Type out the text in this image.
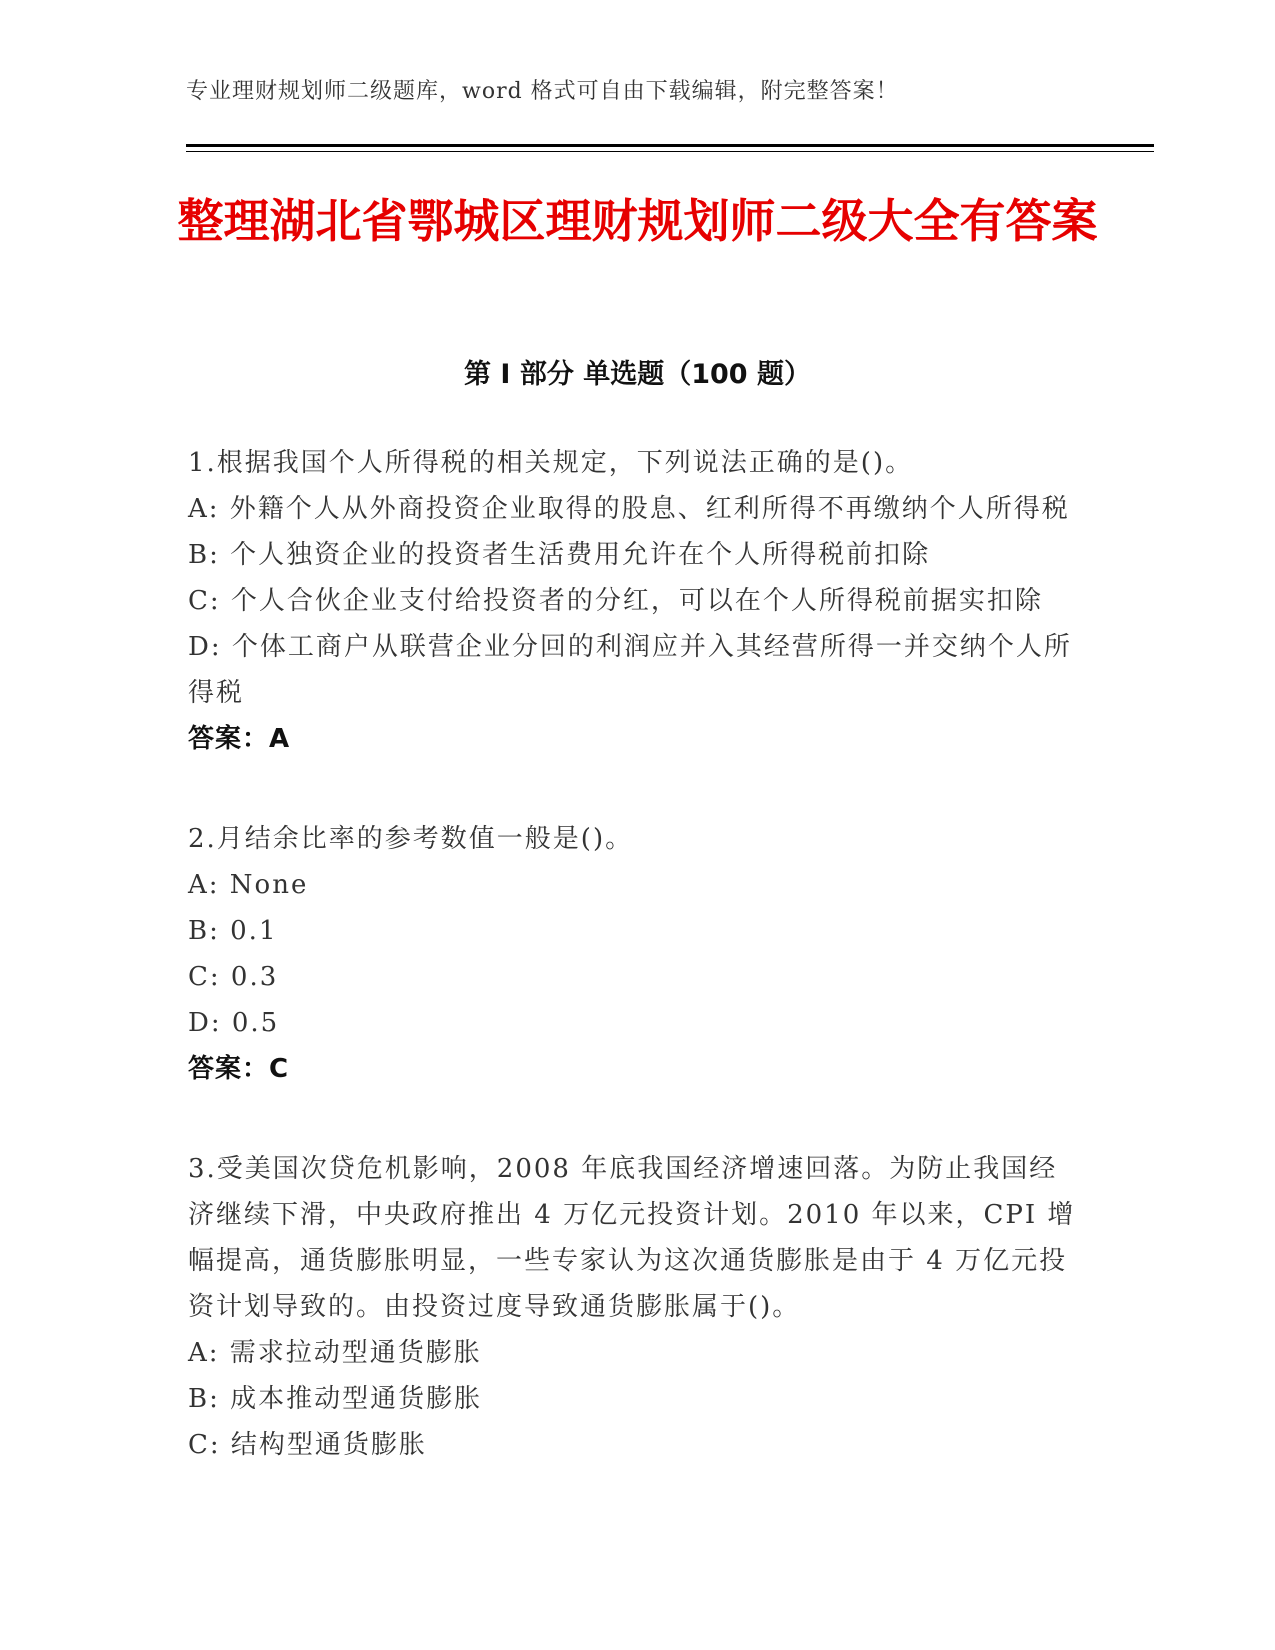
专业理财规划师二级题库，word 格式可自由下载编辑，附完整答案！
整理湖北省鄂城区理财规划师二级大全有答案
第 I 部分 单选题（100 题）
1.根据我国个人所得税的相关规定，下列说法正确的是()。
A: 外籍个人从外商投资企业取得的股息、红利所得不再缴纳个人所得税
B: 个人独资企业的投资者生活费用允许在个人所得税前扣除
C: 个人合伙企业支付给投资者的分红，可以在个人所得税前据实扣除
D: 个体工商户从联营企业分回的利润应并入其经营所得一并交纳个人所得税
答案：A
2.月结余比率的参考数值一般是()。
A: None
B: 0.1
C: 0.3
D: 0.5
答案：C
3.受美国次贷危机影响，2008 年底我国经济增速回落。为防止我国经济继续下滑，中央政府推出 4 万亿元投资计划。2010 年以来，CPI 增幅提高，通货膨胀明显，一些专家认为这次通货膨胀是由于 4 万亿元投资计划导致的。由投资过度导致通货膨胀属于()。
A: 需求拉动型通货膨胀
B: 成本推动型通货膨胀
C: 结构型通货膨胀
